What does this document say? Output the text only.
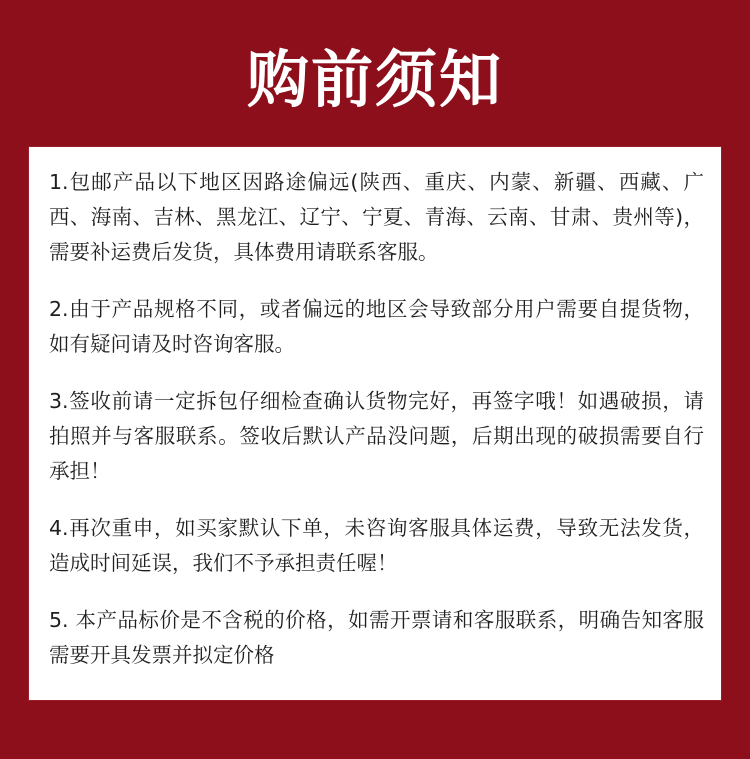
购前须知

1.包邮产品以下地区因路途偏远(陕西、重庆、内蒙、新疆、西藏、广西、海南、吉林、黑龙江、辽宁、宁夏、青海、云南、甘肃、贵州等)，需要补运费后发货，具体费用请联系客服。

2.由于产品规格不同，或者偏远的地区会导致部分用户需要自提货物，如有疑问请及时咨询客服。

3.签收前请一定拆包仔细检查确认货物完好，再签字哦！如遇破损，请拍照并与客服联系。签收后默认产品没问题，后期出现的破损需要自行承担！

4.再次重申，如买家默认下单，未咨询客服具体运费，导致无法发货，造成时间延误，我们不予承担责任喔！

5. 本产品标价是不含税的价格，如需开票请和客服联系，明确告知客服需要开具发票并拟定价格
